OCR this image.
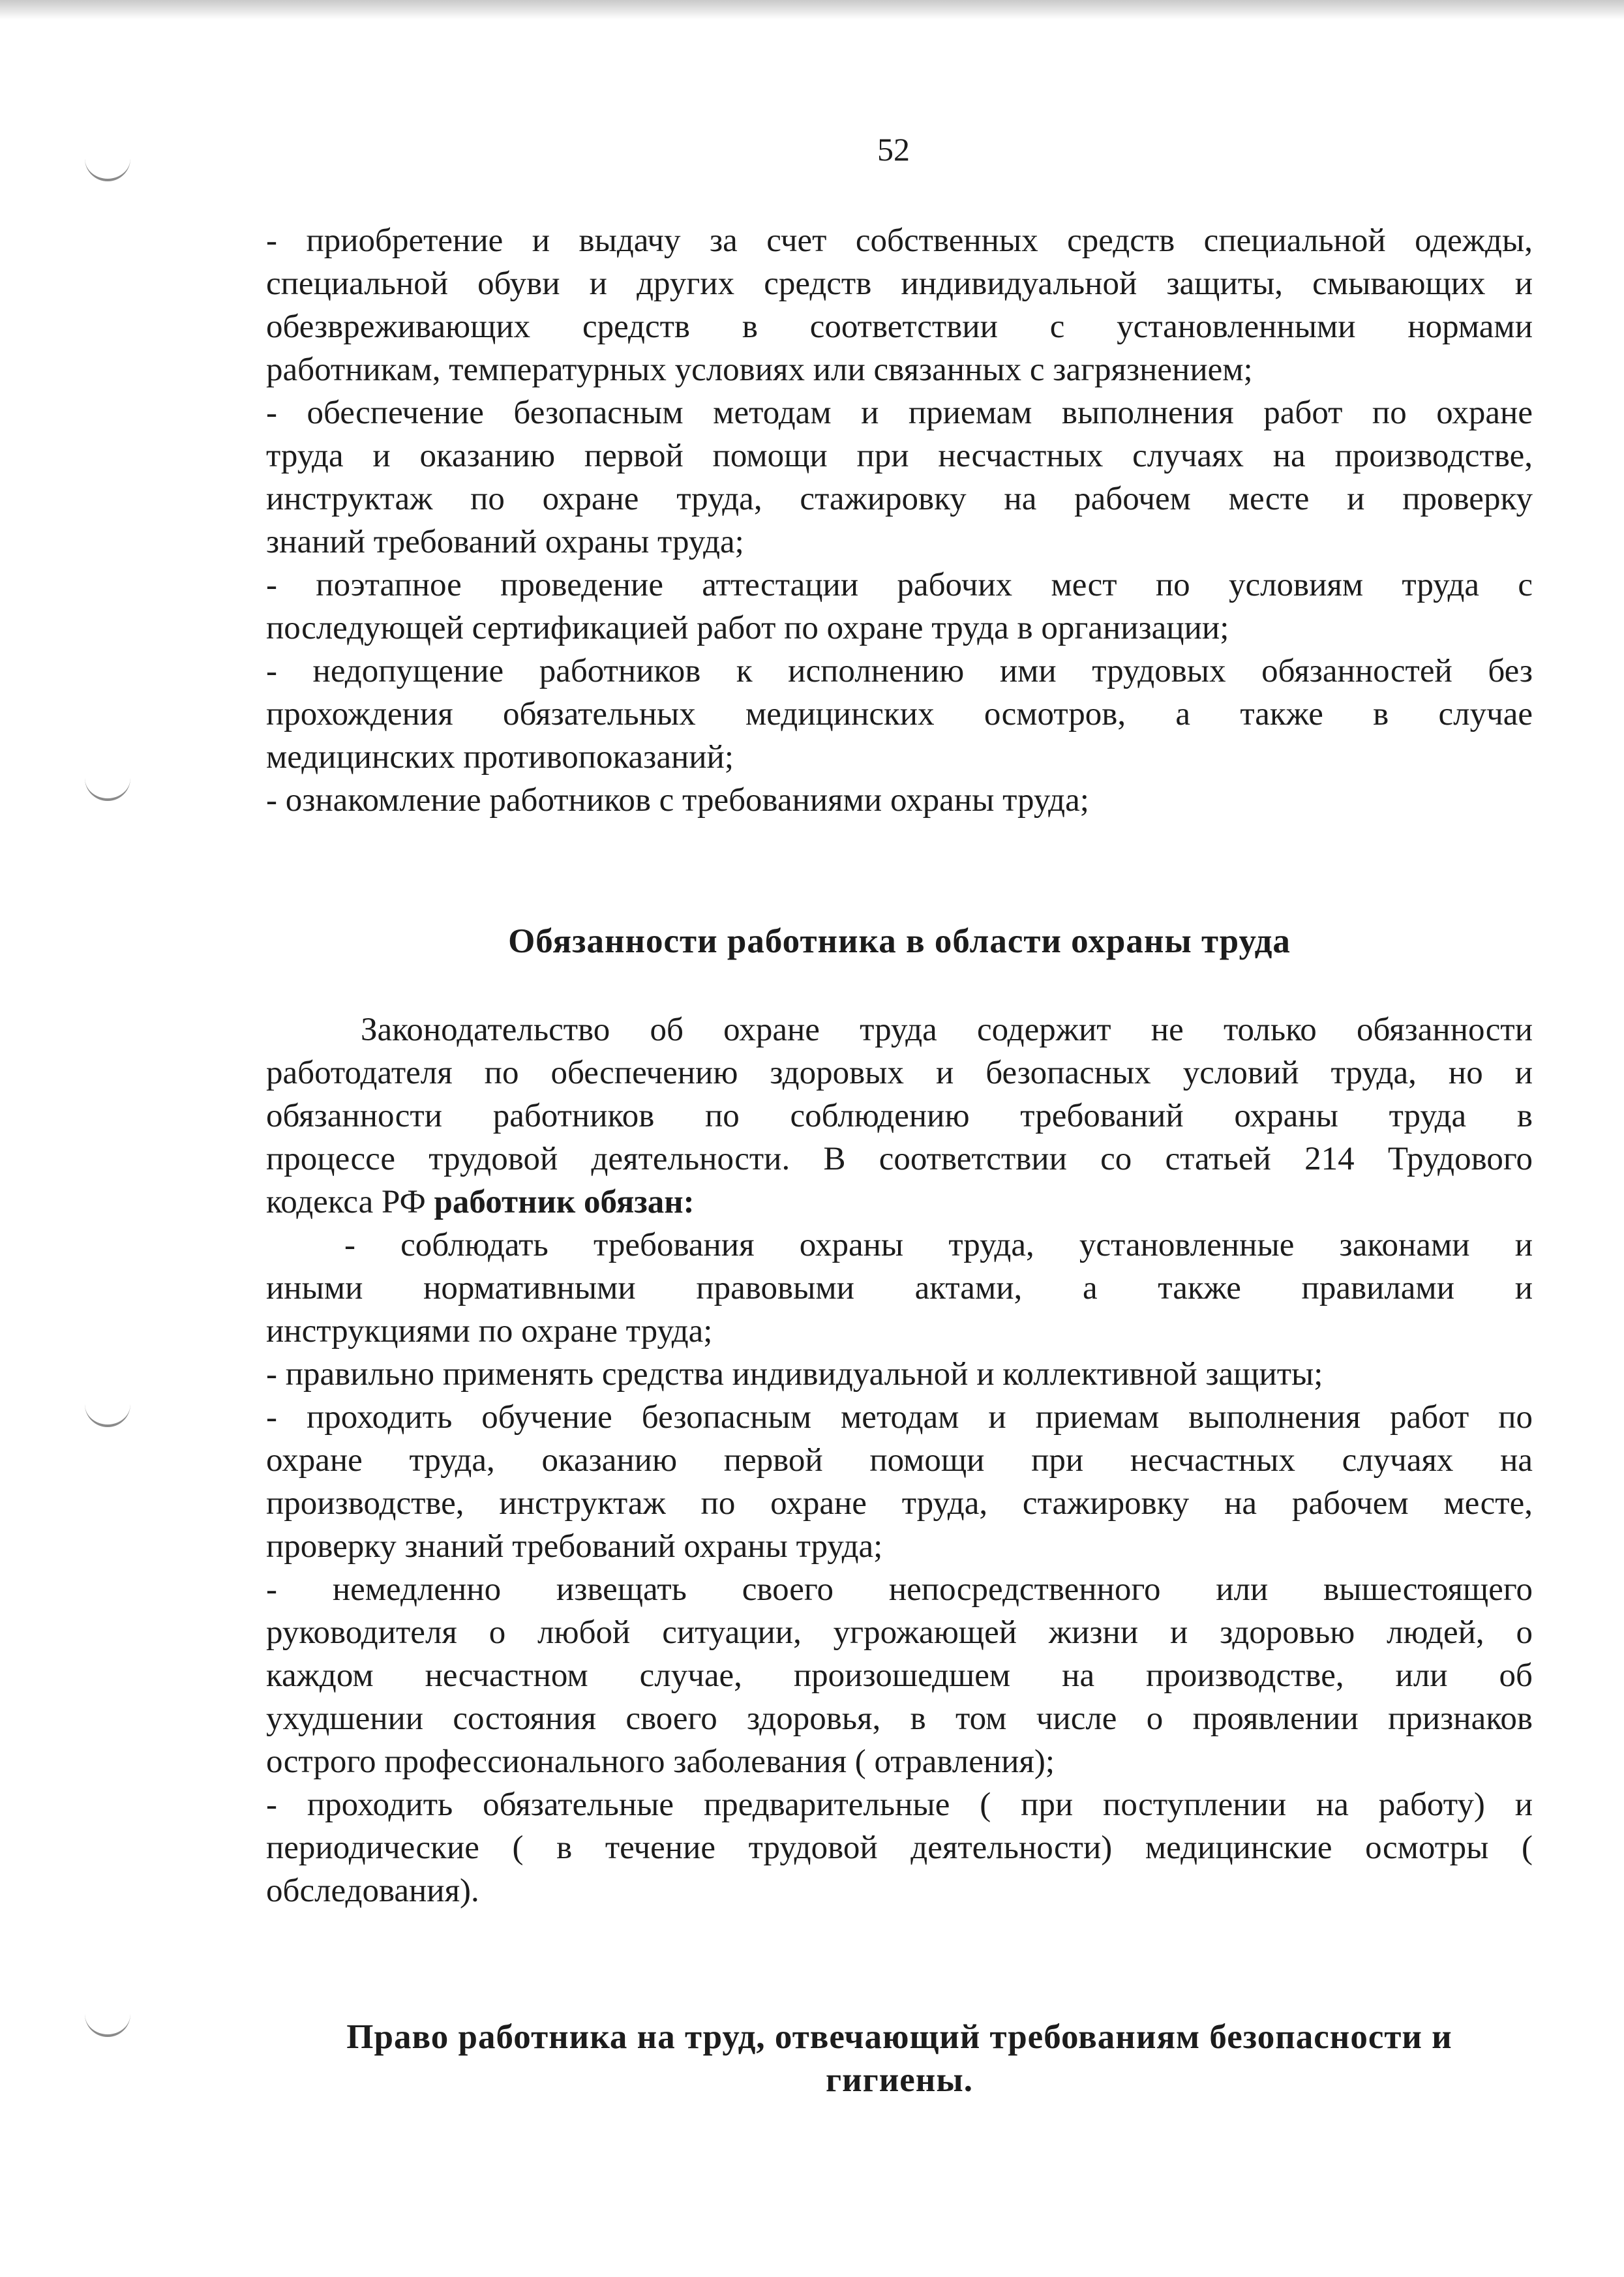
52
- приобретение и выдачу за счет собственных средств специальной одежды,
специальной обуви и других средств индивидуальной защиты, смывающих и
обезвреживающих средств в соответствии с установленными нормами
работникам, температурных условиях или связанных с загрязнением;
- обеспечение безопасным методам и приемам выполнения работ по охране
труда и оказанию первой помощи при несчастных случаях на производстве,
инструктаж по охране труда, стажировку на рабочем месте и проверку
знаний требований охраны труда;
- поэтапное проведение аттестации рабочих мест по условиям труда с
последующей сертификацией работ по охране труда в организации;
- недопущение работников к исполнению ими трудовых обязанностей без
прохождения обязательных медицинских осмотров, а также в случае
медицинских противопоказаний;
- ознакомление работников с требованиями охраны труда;
Обязанности работника в области охраны труда
Законодательство об охране труда содержит не только обязанности
работодателя по обеспечению здоровых и безопасных условий труда, но и
обязанности работников по соблюдению требований охраны труда в
процессе трудовой деятельности. В соответствии со статьей 214 Трудового
кодекса РФ работник обязан:
- соблюдать требования охраны труда, установленные законами и
иными нормативными правовыми актами, а также правилами и
инструкциями по охране труда;
- правильно применять средства индивидуальной и коллективной защиты;
- проходить обучение безопасным методам и приемам выполнения работ по
охране труда, оказанию первой помощи при несчастных случаях на
производстве, инструктаж по охране труда, стажировку на рабочем месте,
проверку знаний требований охраны труда;
- немедленно извещать своего непосредственного или вышестоящего
руководителя о любой ситуации, угрожающей жизни и здоровью людей, о
каждом несчастном случае, произошедшем на производстве, или об
ухудшении состояния своего здоровья, в том числе о проявлении признаков
острого профессионального заболевания ( отравления);
- проходить обязательные предварительные ( при поступлении на работу) и
периодические ( в течение трудовой деятельности) медицинские осмотры (
обследования).
Право работника на труд, отвечающий требованиям безопасности и
гигиены.
